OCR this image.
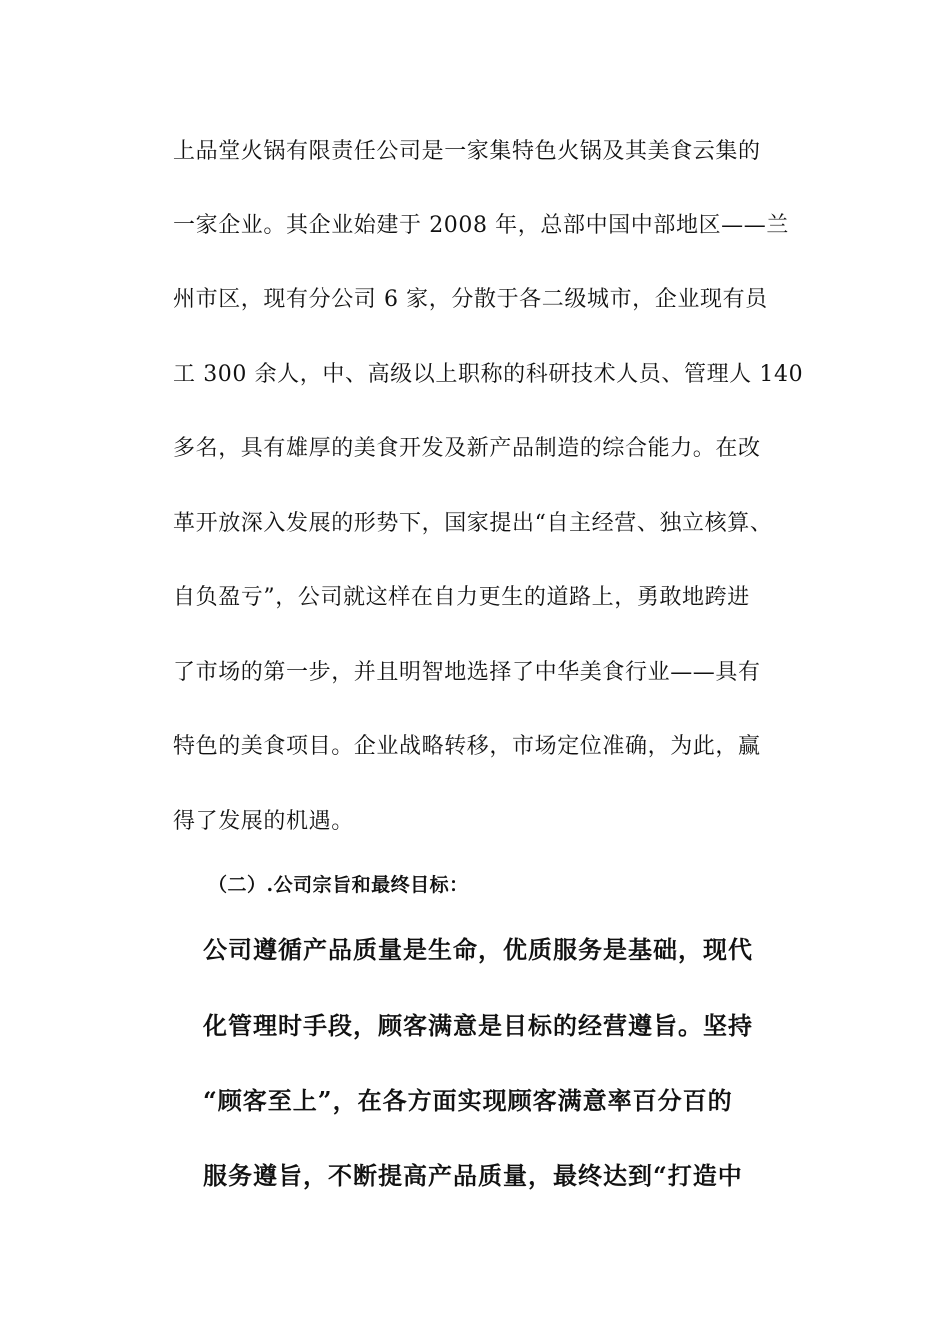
上品堂火锅有限责任公司是一家集特色火锅及其美食云集的
一家企业。其企业始建于 2008 年，总部中国中部地区——兰
州市区，现有分公司 6 家，分散于各二级城市，企业现有员
工 300 余人，中、高级以上职称的科研技术人员、管理人 140
多名，具有雄厚的美食开发及新产品制造的综合能力。在改
革开放深入发展的形势下，国家提出“自主经营、独立核算、
自负盈亏”，公司就这样在自力更生的道路上，勇敢地跨进
了市场的第一步，并且明智地选择了中华美食行业——具有
特色的美食项目。企业战略转移，市场定位准确，为此，赢
得了发展的机遇。
（二）.公司宗旨和最终目标：
公司遵循产品质量是生命，优质服务是基础，现代
化管理时手段，顾客满意是目标的经营遵旨。坚持
“顾客至上”，在各方面实现顾客满意率百分百的
服务遵旨，不断提高产品质量，最终达到“打造中
